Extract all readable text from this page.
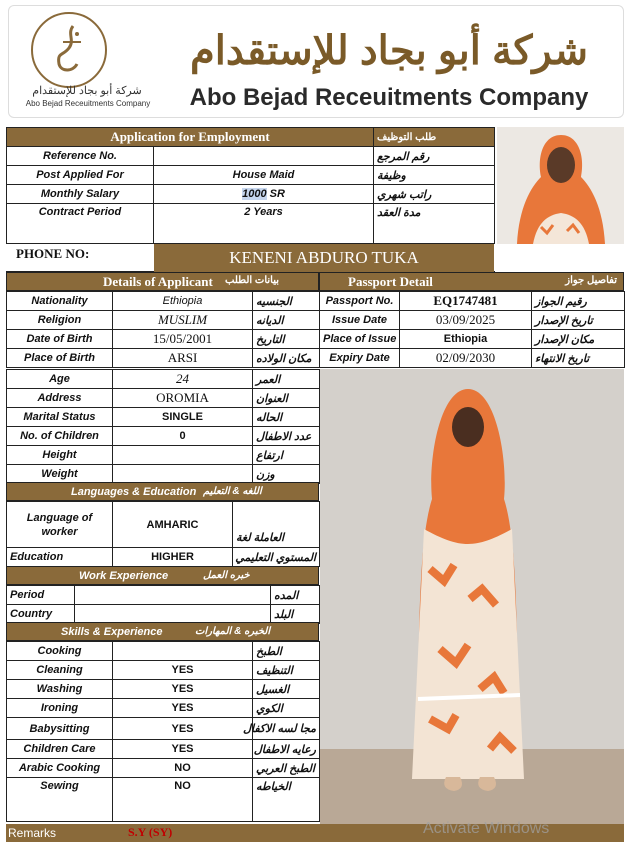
شركة أبو بجاد للإستقدام
Abo Bejad Receuitments Company
شركة أبو بجاد للإستقدام
Abo Bejad Receuitments Company
Application for Employment		طلب التوظيف
Reference No.		رقم المرجع
Post Applied For	House Maid	وظيفة
Monthly Salary	1000 SR	راتب شهري
Contract Period	2 Years	مدة العقد
PHONE NO:	KENENI ABDURO TUKA
Details of Applicant بيانات الطلب	Passport Detail	تفاصيل جواز
Nationality	Ethiopia	الجنسيه
Religion	MUSLIM	الديانه
Date of Birth	15/05/2001	التاريخ
Place of Birth	ARSI	مكان الولاده
Passport No.	EQ1747481	رقيم الجواز
Issue Date	03/09/2025	تاريخ الإصدار
Place of Issue	Ethiopia	مكان الإصدار
Expiry Date	02/09/2030	تاريخ الانتهاء
Age	24	العمر
Address	OROMIA	العنوان
Marital Status	SINGLE	الحاله
No. of Children	0	عدد الاطفال
Height		ارتفاع
Weight		وزن
Languages & Education اللغه & التعليم
Language of worker	AMHARIC	العاملة لغة
Education	HIGHER	المستوي التعليمي
Work Experience	خبره العمل
Period		المده
Country		البلد
Skills & Experience	الخبره & المهارات
Cooking		الطبخ
Cleaning	YES	التنظيف
Washing	YES	الغسيل
Ironing	YES	الكوي
Babysitting	YES	مجا لسه الاكفال
Children Care	YES	رعايه الاطفال
Arabic Cooking	NO	الطبخ العربي
Sewing	NO	الخياطه
Remarks	S.Y (SY)	Activate Windows
